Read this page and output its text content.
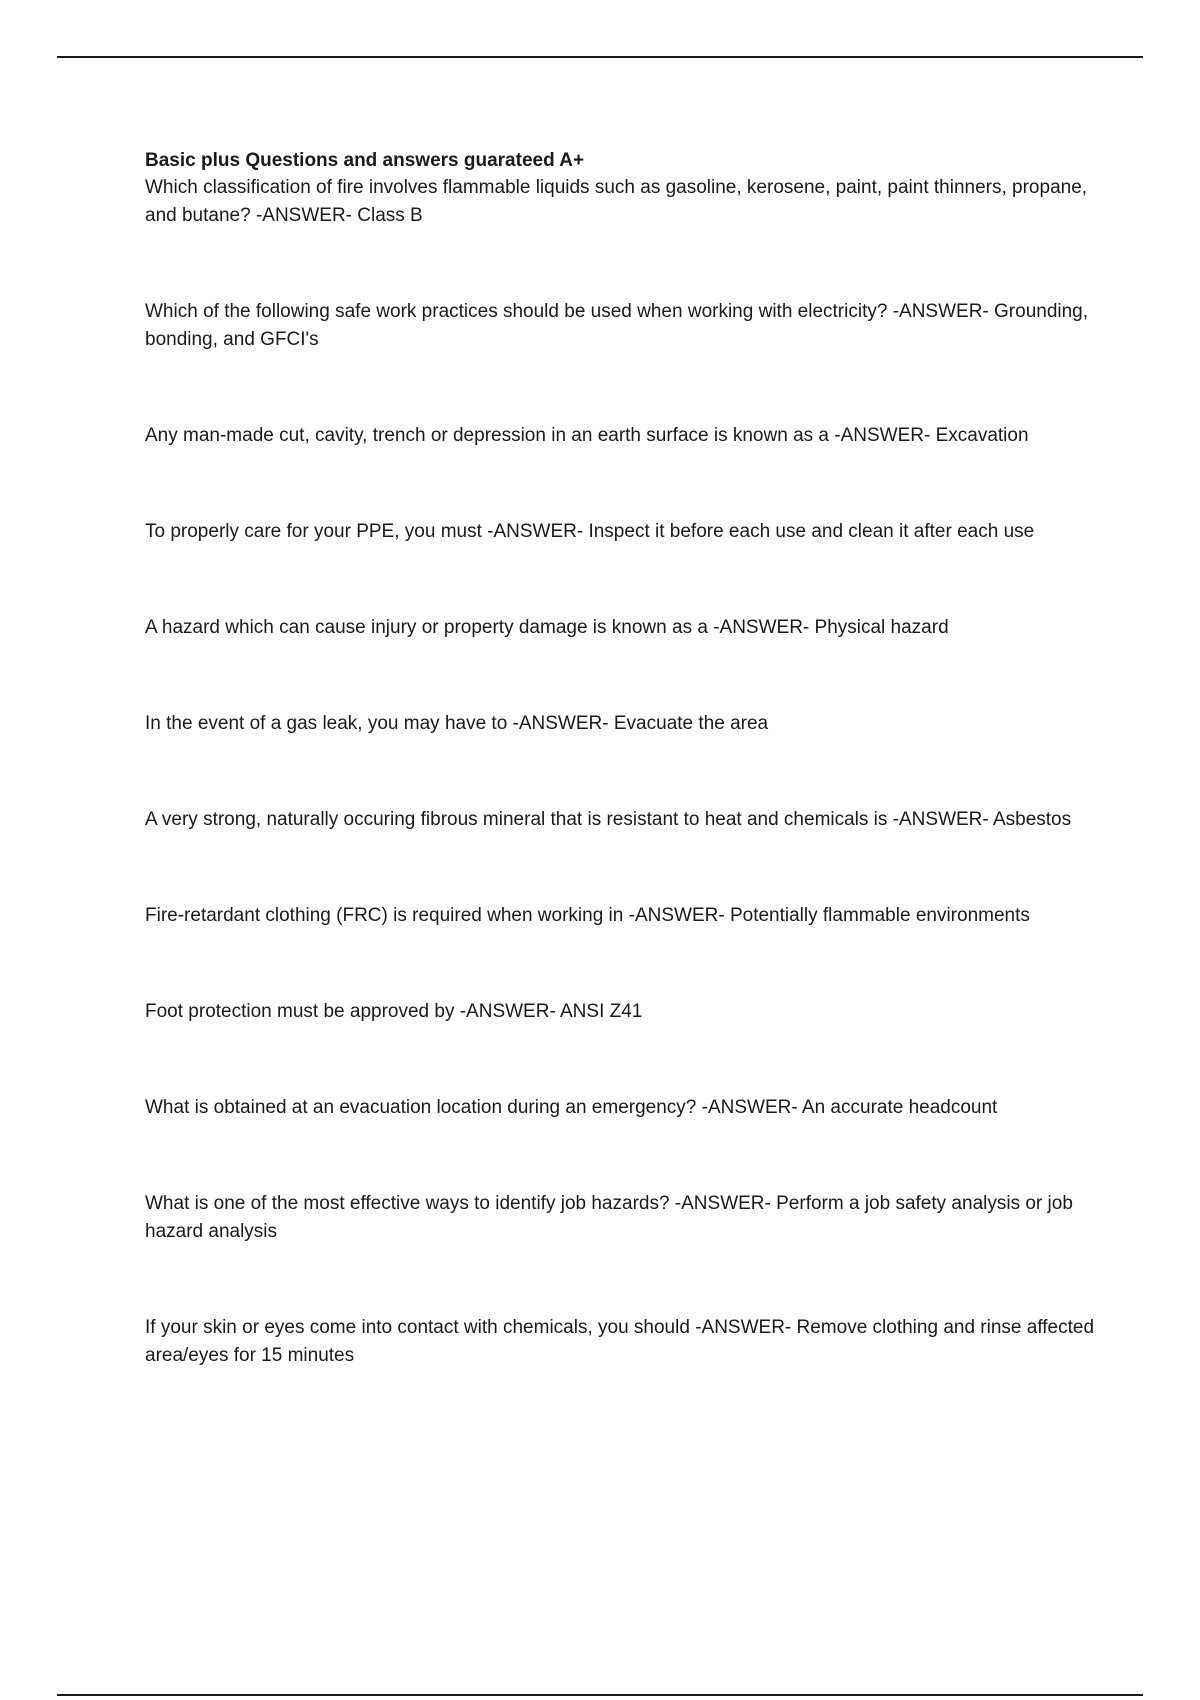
Basic plus Questions and answers guarateed A+

Which classification of fire involves flammable liquids such as gasoline, kerosene, paint, paint thinners, propane, and butane? -ANSWER- Class B

Which of the following safe work practices should be used when working with electricity? -ANSWER- Grounding, bonding, and GFCI's

Any man-made cut, cavity, trench or depression in an earth surface is known as a -ANSWER- Excavation

To properly care for your PPE, you must -ANSWER- Inspect it before each use and clean it after each use

A hazard which can cause injury or property damage is known as a -ANSWER- Physical hazard

In the event of a gas leak, you may have to -ANSWER- Evacuate the area

A very strong, naturally occuring fibrous mineral that is resistant to heat and chemicals is -ANSWER- Asbestos

Fire-retardant clothing (FRC) is required when working in -ANSWER- Potentially flammable environments

Foot protection must be approved by -ANSWER- ANSI Z41

What is obtained at an evacuation location during an emergency? -ANSWER- An accurate headcount

What is one of the most effective ways to identify job hazards? -ANSWER- Perform a job safety analysis or job hazard analysis

If your skin or eyes come into contact with chemicals, you should -ANSWER- Remove clothing and rinse affected area/eyes for 15 minutes
